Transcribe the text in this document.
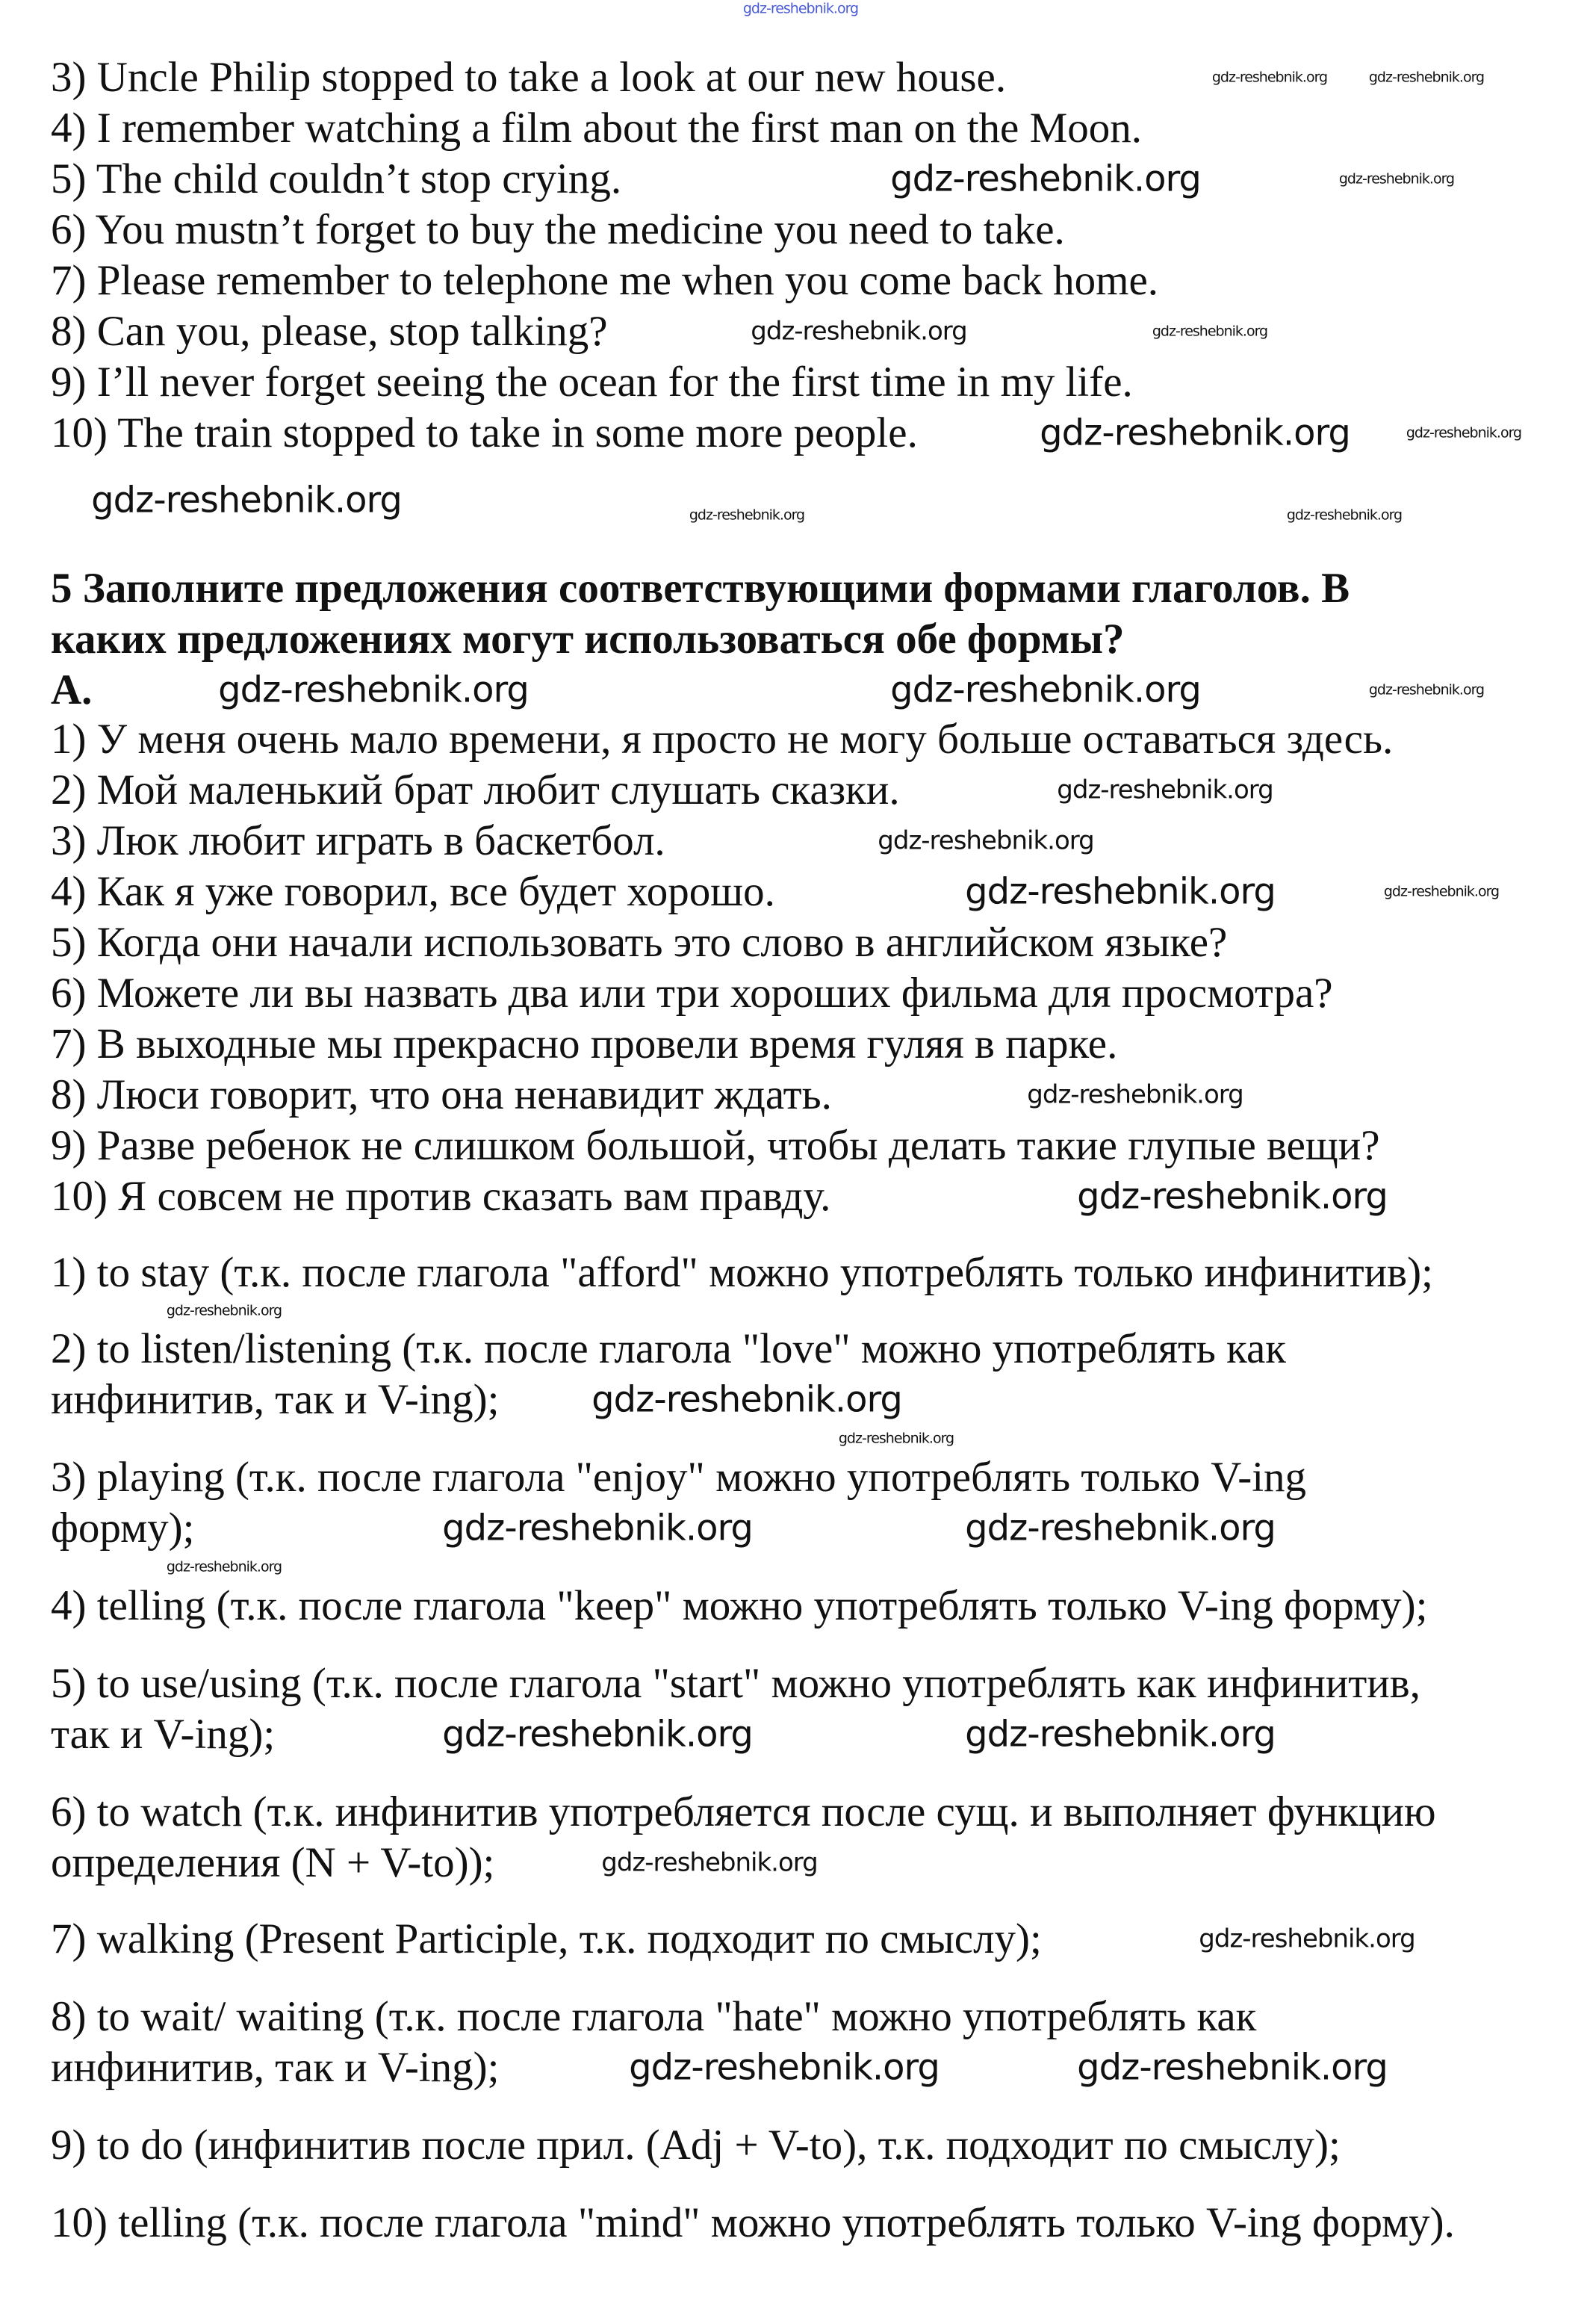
gdz-reshebnik.org
3) Uncle Philip stopped to take a look at our new house.
4) I remember watching a film about the first man on the Moon.
5) The child couldn’t stop crying.
6) You mustn’t forget to buy the medicine you need to take.
7) Please remember to telephone me when you come back home.
8) Can you, please, stop talking?
9) I’ll never forget seeing the ocean for the first time in my life.
10) The train stopped to take in some more people.
5 Заполните предложения соответствующими формами глаголов. В
каких предложениях могут использоваться обе формы?
A.
1) У меня очень мало времени, я просто не могу больше оставаться здесь.
2) Мой маленький брат любит слушать сказки.
3) Люк любит играть в баскетбол.
4) Как я уже говорил, все будет хорошо.
5) Когда они начали использовать это слово в английском языке?
6) Можете ли вы назвать два или три хороших фильма для просмотра?
7) В выходные мы прекрасно провели время гуляя в парке.
8) Люси говорит, что она ненавидит ждать.
9) Разве ребенок не слишком большой, чтобы делать такие глупые вещи?
10) Я совсем не против сказать вам правду.
1) to stay (т.к. после глагола "afford" можно употреблять только инфинитив);
2) to listen/listening (т.к. после глагола "love" можно употреблять как
инфинитив, так и V-ing);
3) playing (т.к. после глагола "enjoy" можно употреблять только V-ing
форму);
4) telling (т.к. после глагола "keep" можно употреблять только V-ing форму);
5) to use/using (т.к. после глагола "start" можно употреблять как инфинитив,
так и V-ing);
6) to watch (т.к. инфинитив употребляется после сущ. и выполняет функцию
определения (N + V-to));
7) walking (Present Participle, т.к. подходит по смыслу);
8) to wait/ waiting (т.к. после глагола "hate" можно употреблять как
инфинитив, так и V-ing);
9) to do (инфинитив после прил. (Adj + V-to), т.к. подходит по смыслу);
10) telling (т.к. после глагола "mind" можно употреблять только V-ing форму).
gdz-reshebnik.org
gdz-reshebnik.org
gdz-reshebnik.org
gdz-reshebnik.org
gdz-reshebnik.org
gdz-reshebnik.org
gdz-reshebnik.org
gdz-reshebnik.org
gdz-reshebnik.org	gdz-reshebnik.org
gdz-reshebnik.org	gdz-reshebnik.org
gdz-reshebnik.org	gdz-reshebnik.org
gdz-reshebnik.org
gdz-reshebnik.org
gdz-reshebnik.org
gdz-reshebnik.org
gdz-reshebnik.org
gdz-reshebnik.org
gdz-reshebnik.org	gdz-reshebnik.org
gdz-reshebnik.org
gdz-reshebnik.org
gdz-reshebnik.org
gdz-reshebnik.org	gdz-reshebnik.org
gdz-reshebnik.org
gdz-reshebnik.org
gdz-reshebnik.org
gdz-reshebnik.org
gdz-reshebnik.org
